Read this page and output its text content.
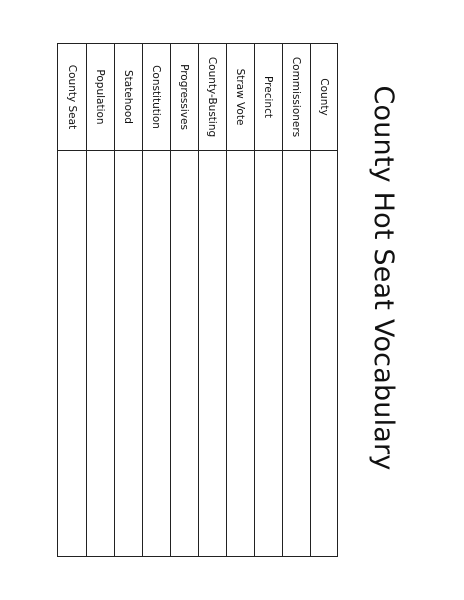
County Hot Seat Vocabulary
County
Commissioners
Precinct
Straw Vote
County-Busting
Progressives
Constitution
Statehood
Population
County Seat
